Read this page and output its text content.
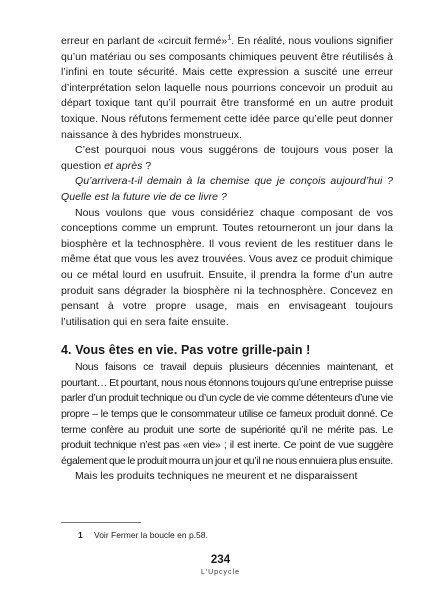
erreur en parlant de «circuit fermé»$^1$. En réalité, nous voulions signifier qu’un matériau ou ses composants chimiques peuvent être réutilisés à l’infini en toute sécurité. Mais cette expression a suscité une erreur d’interprétation selon laquelle nous pourrions concevoir un produit au départ toxique tant qu’il pourrait être transformé en un autre produit toxique. Nous réfutons fermement cette idée parce qu’elle peut donner naissance à des hybrides monstrueux.

C’est pourquoi nous vous suggérons de toujours vous poser la question et après ?

Qu’arrivera-t-il demain à la chemise que je conçois aujourd’hui ? Quelle est la future vie de ce livre ?

Nous voulons que vous considériez chaque composant de vos conceptions comme un emprunt. Toutes retourneront un jour dans la biosphère et la technosphère. Il vous revient de les restituer dans le même état que vous les avez trouvées. Vous avez ce produit chimique ou ce métal lourd en usufruit. Ensuite, il prendra la forme d’un autre produit sans dégrader la biosphère ni la technosphère. Concevez en pensant à votre propre usage, mais en envisageant toujours l’utilisation qui en sera faite ensuite.

4. Vous êtes en vie. Pas votre grille-pain !

Nous faisons ce travail depuis plusieurs décennies maintenant, et pourtant… Et pourtant, nous nous étonnons toujours qu’une entreprise puisse parler d’un produit technique ou d’un cycle de vie comme détenteurs d’une vie propre – le temps que le consommateur utilise ce fameux produit donné. Ce terme confère au produit une sorte de supériorité qu’il ne mérite pas. Le produit technique n’est pas «en vie» ; il est inerte. Ce point de vue suggère également que le produit mourra un jour et qu’il ne nous ennuiera plus ensuite.

Mais les produits techniques ne meurent et ne disparaissent

1 Voir Fermer la boucle en p.58.
234
L’Upcycle
